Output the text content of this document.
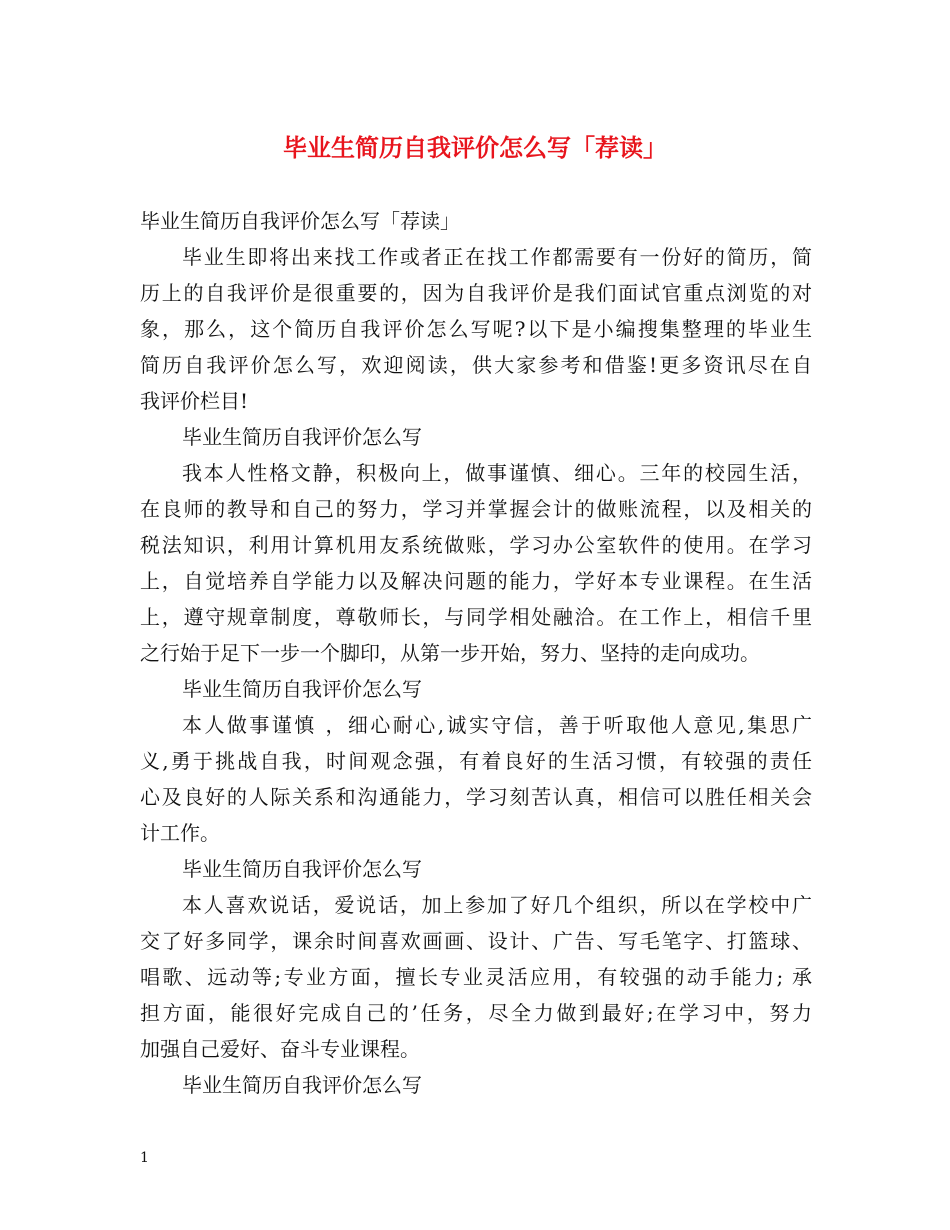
毕业生简历自我评价怎么写「荐读」
毕业生简历自我评价怎么写「荐读」
毕业生即将出来找工作或者正在找工作都需要有一份好的简历，简
历上的自我评价是很重要的，因为自我评价是我们面试官重点浏览的对
象，那么，这个简历自我评价怎么写呢?以下是小编搜集整理的毕业生
简历自我评价怎么写，欢迎阅读，供大家参考和借鉴!更多资讯尽在自
我评价栏目!
毕业生简历自我评价怎么写
我本人性格文静，积极向上，做事谨慎、细心。三年的校园生活，
在良师的教导和自己的努力，学习并掌握会计的做账流程，以及相关的
税法知识，利用计算机用友系统做账，学习办公室软件的使用。在学习
上，自觉培养自学能力以及解决问题的能力，学好本专业课程。在生活
上，遵守规章制度，尊敬师长，与同学相处融洽。在工作上，相信千里
之行始于足下一步一个脚印，从第一步开始，努力、坚持的走向成功。
毕业生简历自我评价怎么写
本人做事谨慎 ，细心耐心,诚实守信，善于听取他人意见,集思广
义,勇于挑战自我，时间观念强，有着良好的生活习惯，有较强的责任
心及良好的人际关系和沟通能力，学习刻苦认真，相信可以胜任相关会
计工作。
毕业生简历自我评价怎么写
本人喜欢说话，爱说话，加上参加了好几个组织，所以在学校中广
交了好多同学，课余时间喜欢画画、设计、广告、写毛笔字、打篮球、
唱歌、远动等;专业方面，擅长专业灵活应用，有较强的动手能力; 承
担方面，能很好完成自己的’任务，尽全力做到最好;在学习中，努力
加强自己爱好、奋斗专业课程。
毕业生简历自我评价怎么写
1
